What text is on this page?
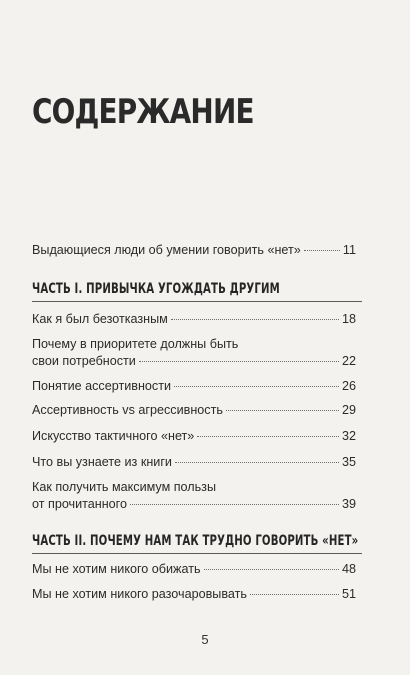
СОДЕРЖАНИЕ
Выдающиеся люди об умении говорить «нет»	11
ЧАСТЬ I. ПРИВЫЧКА УГОЖДАТЬ ДРУГИМ
Как я был безотказным	18
Почему в приоритете должны быть
свои потребности	22
Понятие ассертивности	26
Ассертивность vs агрессивность	29
Искусство тактичного «нет»	32
Что вы узнаете из книги	35
Как получить максимум пользы
от прочитанного	39
ЧАСТЬ II. ПОЧЕМУ НАМ ТАК ТРУДНО ГОВОРИТЬ «НЕТ»
Мы не хотим никого обижать	48
Мы не хотим никого разочаровывать	51
5
